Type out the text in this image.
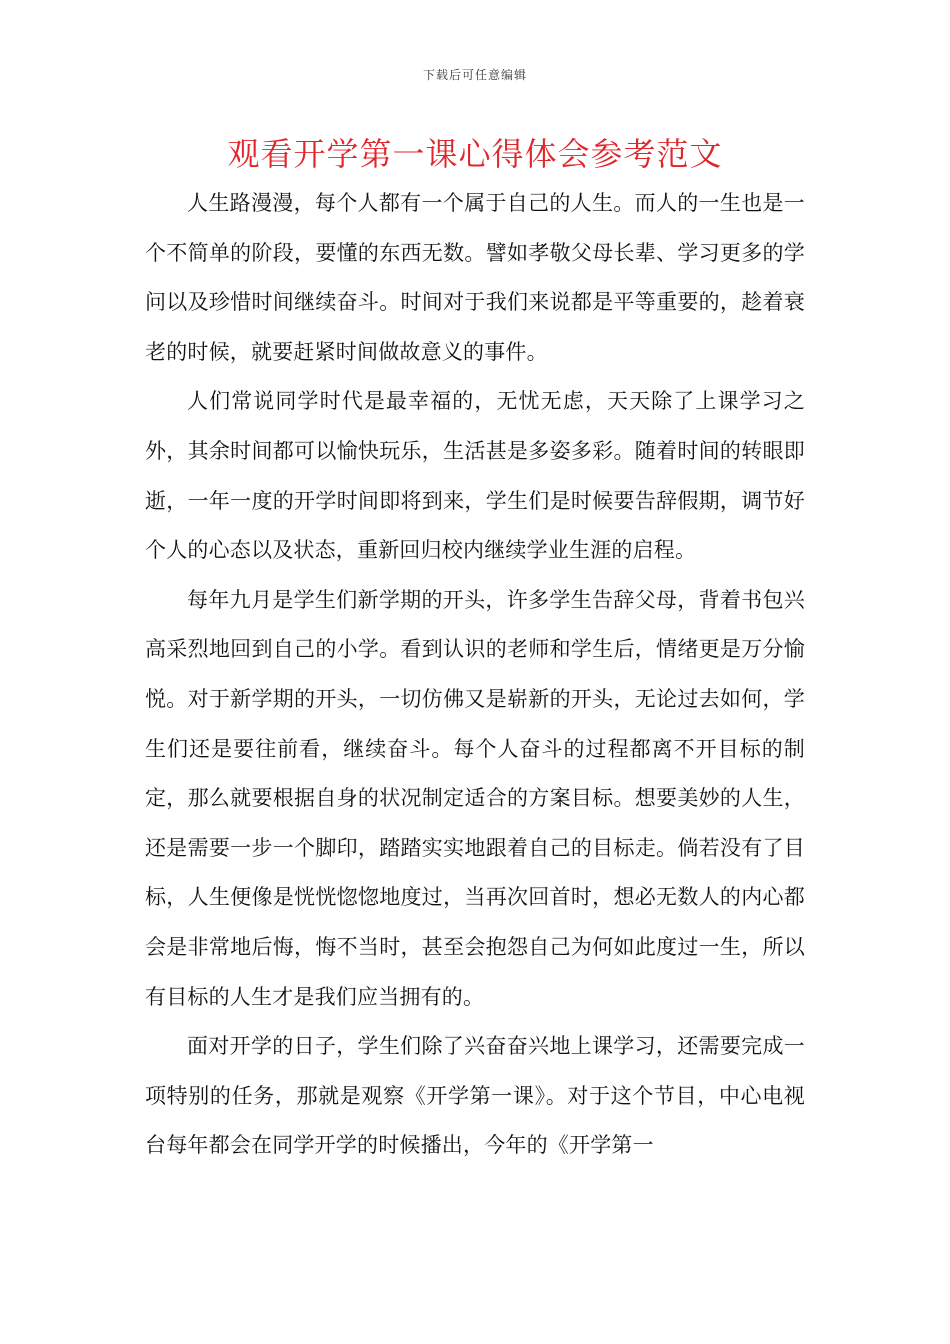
下载后可任意编辑
观看开学第一课心得体会参考范文

人生路漫漫，每个人都有一个属于自己的人生。而人的一生也是一个不简单的阶段，要懂的东西无数。譬如孝敬父母长辈、学习更多的学问以及珍惜时间继续奋斗。时间对于我们来说都是平等重要的，趁着衰老的时候，就要赶紧时间做故意义的事件。

人们常说同学时代是最幸福的，无忧无虑，天天除了上课学习之外，其余时间都可以愉快玩乐，生活甚是多姿多彩。随着时间的转眼即逝，一年一度的开学时间即将到来，学生们是时候要告辞假期，调节好个人的心态以及状态，重新回归校内继续学业生涯的启程。

每年九月是学生们新学期的开头，许多学生告辞父母，背着书包兴高采烈地回到自己的小学。看到认识的老师和学生后，情绪更是万分愉悦。对于新学期的开头，一切仿佛又是崭新的开头，无论过去如何，学生们还是要往前看，继续奋斗。每个人奋斗的过程都离不开目标的制定，那么就要根据自身的状况制定适合的方案目标。想要美妙的人生，还是需要一步一个脚印，踏踏实实地跟着自己的目标走。倘若没有了目标，人生便像是恍恍惚惚地度过，当再次回首时，想必无数人的内心都会是非常地后悔，悔不当时，甚至会抱怨自己为何如此度过一生，所以有目标的人生才是我们应当拥有的。

面对开学的日子，学生们除了兴奋奋兴地上课学习，还需要完成一项特别的任务，那就是观察《开学第一课》。对于这个节目，中心电视台每年都会在同学开学的时候播出，今年的《开学第一
